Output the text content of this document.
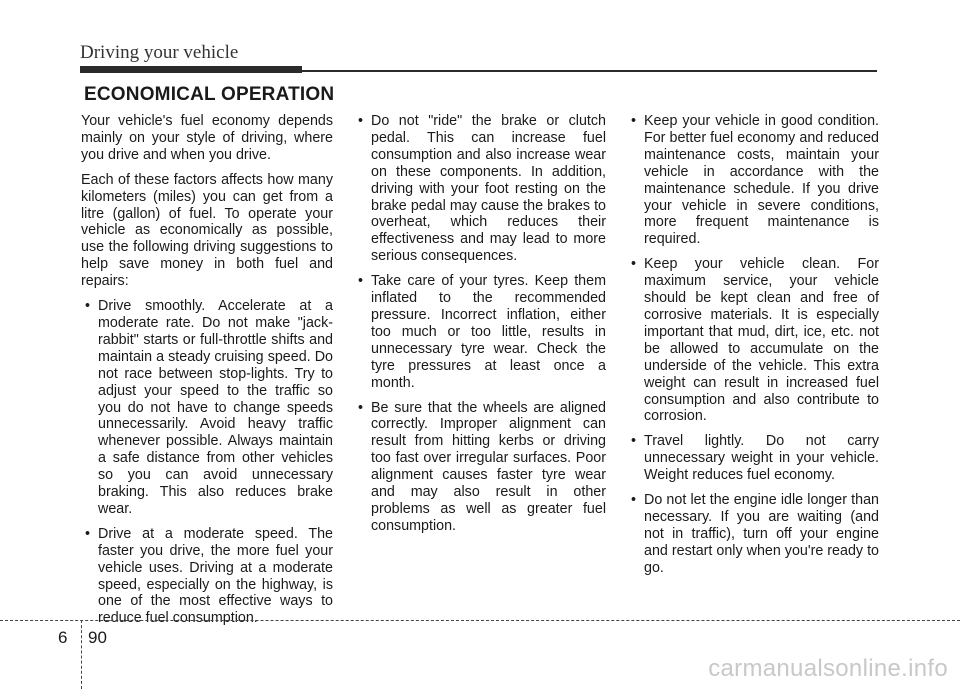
Driving your vehicle
ECONOMICAL OPERATION

Your vehicle's fuel economy depends mainly on your style of driving, where you drive and when you drive.

Each of these factors affects how many kilometers (miles) you can get from a litre (gallon) of fuel. To operate your vehicle as economically as possible, use the following driving suggestions to help save money in both fuel and repairs:

• Drive smoothly. Accelerate at a moderate rate. Do not make "jack-rabbit" starts or full-throttle shifts and maintain a steady cruising speed. Do not race between stop-lights. Try to adjust your speed to the traffic so you do not have to change speeds unnecessarily. Avoid heavy traffic whenever possible. Always maintain a safe distance from other vehicles so you can avoid unnecessary braking. This also reduces brake wear.
• Drive at a moderate speed. The faster you drive, the more fuel your vehicle uses. Driving at a moderate speed, especially on the highway, is one of the most effective ways to reduce fuel consumption.
• Do not "ride" the brake or clutch pedal. This can increase fuel consumption and also increase wear on these components. In addition, driving with your foot resting on the brake pedal may cause the brakes to overheat, which reduces their effectiveness and may lead to more serious consequences.
• Take care of your tyres. Keep them inflated to the recommended pressure. Incorrect inflation, either too much or too little, results in unnecessary tyre wear. Check the tyre pressures at least once a month.
• Be sure that the wheels are aligned correctly. Improper alignment can result from hitting kerbs or driving too fast over irregular surfaces. Poor alignment causes faster tyre wear and may also result in other problems as well as greater fuel consumption.
• Keep your vehicle in good condition. For better fuel economy and reduced maintenance costs, maintain your vehicle in accordance with the maintenance schedule. If you drive your vehicle in severe conditions, more frequent maintenance is required.
• Keep your vehicle clean. For maximum service, your vehicle should be kept clean and free of corrosive materials. It is especially important that mud, dirt, ice, etc. not be allowed to accumulate on the underside of the vehicle. This extra weight can result in increased fuel consumption and also contribute to corrosion.
• Travel lightly. Do not carry unnecessary weight in your vehicle. Weight reduces fuel economy.
• Do not let the engine idle longer than necessary. If you are waiting (and not in traffic), turn off your engine and restart only when you're ready to go.
6 90
carmanualsonline.info
